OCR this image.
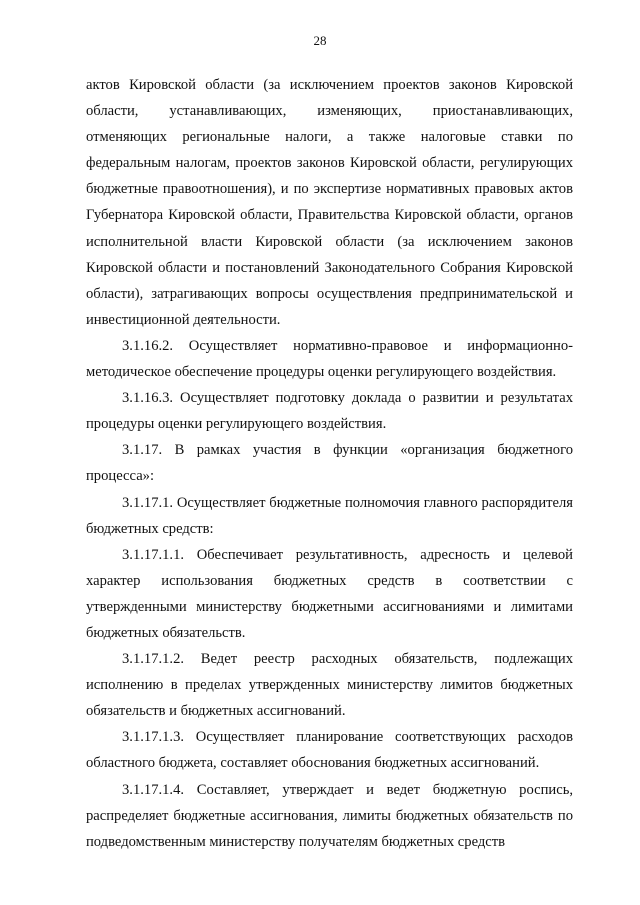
28

актов Кировской области (за исключением проектов законов Кировской области, устанавливающих, изменяющих, приостанавливающих, отменяющих региональные налоги, а также налоговые ставки по федеральным налогам, проектов законов Кировской области, регулирующих бюджетные правоотношения), и по экспертизе нормативных правовых актов Губернатора Кировской области, Правительства Кировской области, органов исполнительной власти Кировской области (за исключением законов Кировской области и постановлений Законодательного Собрания Кировской области), затрагивающих вопросы осуществления предпринимательской и инвестиционной деятельности.

3.1.16.2. Осуществляет нормативно-правовое и информационно-методическое обеспечение процедуры оценки регулирующего воздействия.

3.1.16.3. Осуществляет подготовку доклада о развитии и результатах процедуры оценки регулирующего воздействия.

3.1.17. В рамках участия в функции «организация бюджетного процесса»:

3.1.17.1. Осуществляет бюджетные полномочия главного распорядителя бюджетных средств:

3.1.17.1.1. Обеспечивает результативность, адресность и целевой характер использования бюджетных средств в соответствии с утвержденными министерству бюджетными ассигнованиями и лимитами бюджетных обязательств.

3.1.17.1.2. Ведет реестр расходных обязательств, подлежащих исполнению в пределах утвержденных министерству лимитов бюджетных обязательств и бюджетных ассигнований.

3.1.17.1.3. Осуществляет планирование соответствующих расходов областного бюджета, составляет обоснования бюджетных ассигнований.

3.1.17.1.4. Составляет, утверждает и ведет бюджетную роспись, распределяет бюджетные ассигнования, лимиты бюджетных обязательств по подведомственным министерству получателям бюджетных средств
